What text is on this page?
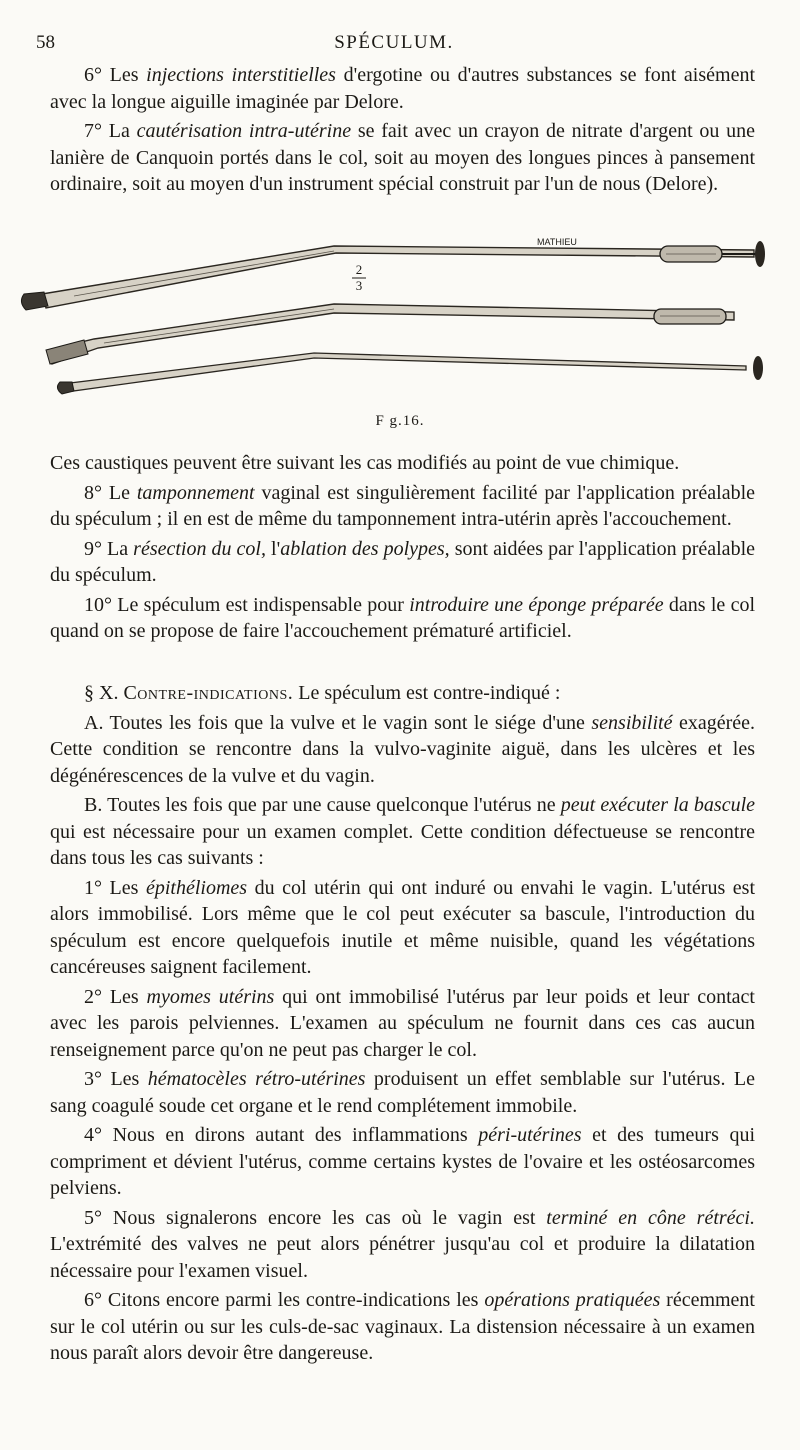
58	SPÉCULUM.

6° Les injections interstitielles d'ergotine ou d'autres substances se font aisément avec la longue aiguille imaginée par Delore.

7° La cautérisation intra-utérine se fait avec un crayon de nitrate d'argent ou une lanière de Canquoin portés dans le col, soit au moyen des longues pinces à pansement ordinaire, soit au moyen d'un instrument spécial construit par l'un de nous (Delore).

MATHIEU
2
3
F g.16.

Ces caustiques peuvent être suivant les cas modifiés au point de vue chimique.

8° Le tamponnement vaginal est singulièrement facilité par l'application préalable du spéculum ; il en est de même du tamponnement intra-utérin après l'accouchement.

9° La résection du col, l'ablation des polypes, sont aidées par l'application préalable du spéculum.

10° Le spéculum est indispensable pour introduire une éponge préparée dans le col quand on se propose de faire l'accouchement prématuré artificiel.

§ X. Contre-indications. Le spéculum est contre-indiqué :

A. Toutes les fois que la vulve et le vagin sont le siége d'une sensibilité exagérée. Cette condition se rencontre dans la vulvo-vaginite aiguë, dans les ulcères et les dégénérescences de la vulve et du vagin.

B. Toutes les fois que par une cause quelconque l'utérus ne peut exécuter la bascule qui est nécessaire pour un examen complet. Cette condition défectueuse se rencontre dans tous les cas suivants :

1° Les épithéliomes du col utérin qui ont induré ou envahi le vagin. L'utérus est alors immobilisé. Lors même que le col peut exécuter sa bascule, l'introduction du spéculum est encore quelquefois inutile et même nuisible, quand les végétations cancéreuses saignent facilement.

2° Les myomes utérins qui ont immobilisé l'utérus par leur poids et leur contact avec les parois pelviennes. L'examen au spéculum ne fournit dans ces cas aucun renseignement parce qu'on ne peut pas charger le col.

3° Les hématocèles rétro-utérines produisent un effet semblable sur l'utérus. Le sang coagulé soude cet organe et le rend complétement immobile.

4° Nous en dirons autant des inflammations péri-utérines et des tumeurs qui compriment et dévient l'utérus, comme certains kystes de l'ovaire et les ostéosarcomes pelviens.

5° Nous signalerons encore les cas où le vagin est terminé en cône rétréci. L'extrémité des valves ne peut alors pénétrer jusqu'au col et produire la dilatation nécessaire pour l'examen visuel.

6° Citons encore parmi les contre-indications les opérations pratiquées récemment sur le col utérin ou sur les culs-de-sac vaginaux. La distension nécessaire à un examen nous paraît alors devoir être dangereuse.
